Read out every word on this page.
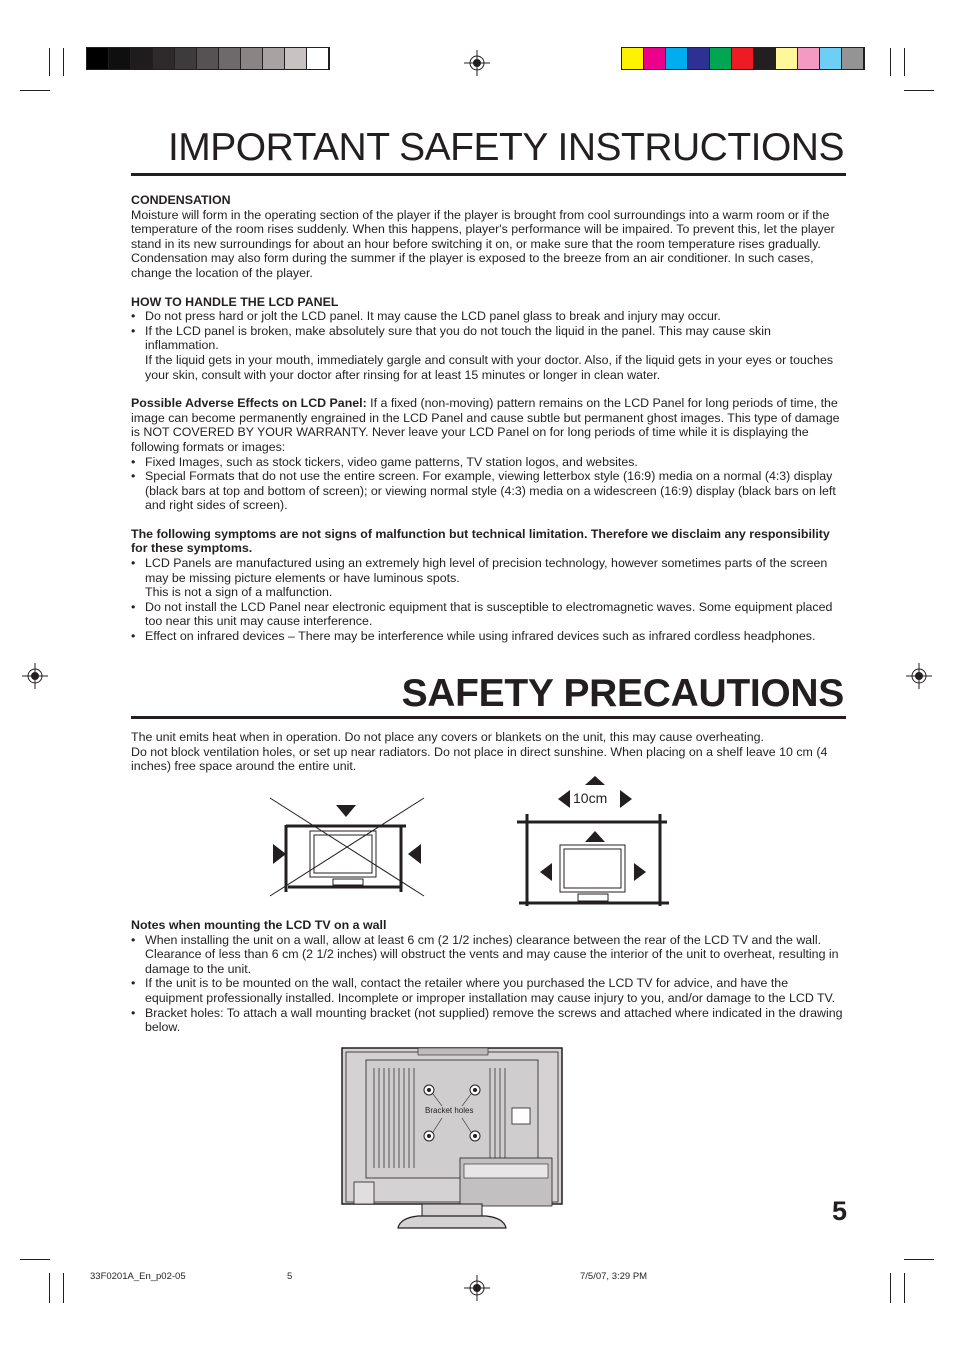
IMPORTANT SAFETY INSTRUCTIONS
CONDENSATION

Moisture will form in the operating section of the player if the player is brought from cool surroundings into a warm room or if the temperature of the room rises suddenly. When this happens, player's performance will be impaired. To prevent this, let the player stand in its new surroundings for about an hour before switching it on, or make sure that the room temperature rises gradually.

Condensation may also form during the summer if the player is exposed to the breeze from an air conditioner. In such cases, change the location of the player.

HOW TO HANDLE THE LCD PANEL
• Do not press hard or jolt the LCD panel. It may cause the LCD panel glass to break and injury may occur.
• If the LCD panel is broken, make absolutely sure that you do not touch the liquid in the panel. This may cause skin inflammation.
If the liquid gets in your mouth, immediately gargle and consult with your doctor. Also, if the liquid gets in your eyes or touches your skin, consult with your doctor after rinsing for at least 15 minutes or longer in clean water.

Possible Adverse Effects on LCD Panel: If a fixed (non-moving) pattern remains on the LCD Panel for long periods of time, the image can become permanently engrained in the LCD Panel and cause subtle but permanent ghost images. This type of damage is NOT COVERED BY YOUR WARRANTY. Never leave your LCD Panel on for long periods of time while it is displaying the following formats or images:

• Fixed Images, such as stock tickers, video game patterns, TV station logos, and websites.
• Special Formats that do not use the entire screen. For example, viewing letterbox style (16:9) media on a normal (4:3) display (black bars at top and bottom of screen); or viewing normal style (4:3) media on a widescreen (16:9) display (black bars on left and right sides of screen).
The following symptoms are not signs of malfunction but technical limitation. Therefore we disclaim any responsibility for these symptoms.
• LCD Panels are manufactured using an extremely high level of precision technology, however sometimes parts of the screen may be missing picture elements or have luminous spots.
This is not a sign of a malfunction.
• Do not install the LCD Panel near electronic equipment that is susceptible to electromagnetic waves. Some equipment placed too near this unit may cause interference.
• Effect on infrared devices – There may be interference while using infrared devices such as infrared cordless headphones.
SAFETY PRECAUTIONS

The unit emits heat when in operation. Do not place any covers or blankets on the unit, this may cause overheating.

Do not block ventilation holes, or set up near radiators. Do not place in direct sunshine. When placing on a shelf leave 10 cm (4 inches) free space around the entire unit.

10cm
Notes when mounting the LCD TV on a wall
• When installing the unit on a wall, allow at least 6 cm (2 1/2 inches) clearance between the rear of the LCD TV and the wall. Clearance of less than 6 cm (2 1/2 inches) will obstruct the vents and may cause the interior of the unit to overheat, resulting in damage to the unit.
• If the unit is to be mounted on the wall, contact the retailer where you purchased the LCD TV for advice, and have the equipment professionally installed. Incomplete or improper installation may cause injury to you, and/or damage to the LCD TV.
• Bracket holes: To attach a wall mounting bracket (not supplied) remove the screws and attached where indicated in the drawing below.
Bracket holes
5
33F0201A_En_p02-05	5	7/5/07, 3:29 PM
